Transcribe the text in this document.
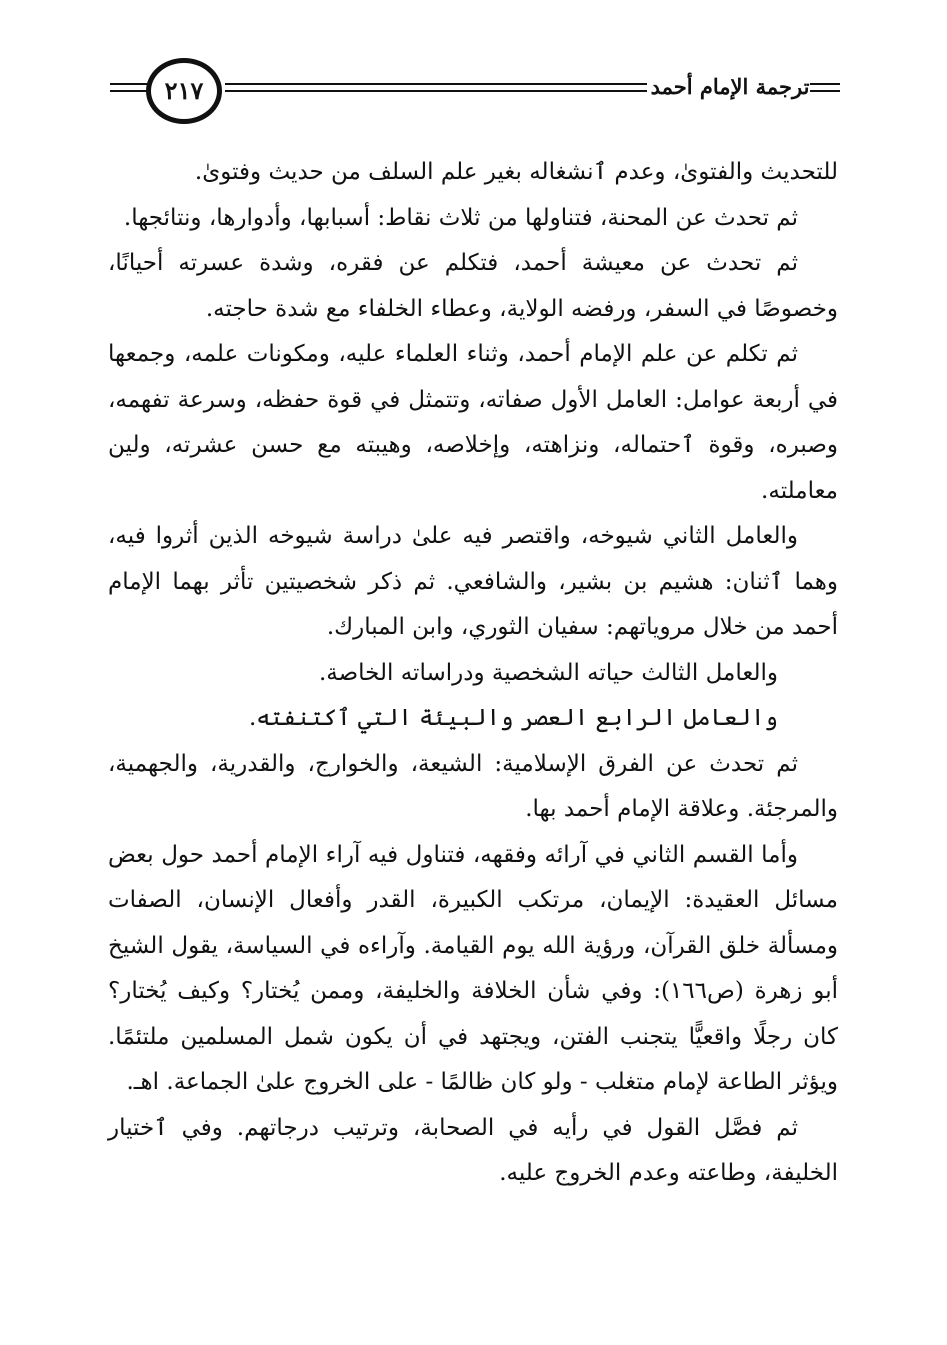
٢١٧	ترجمة الإمام أحمد

للتحديث والفتوىٰ، وعدم ٱنشغاله بغير علم السلف من حديث وفتوىٰ.

ثم تحدث عن المحنة، فتناولها من ثلاث نقاط: أسبابها، وأدوارها، ونتائجها.

ثم تحدث عن معيشة أحمد، فتكلم عن فقره، وشدة عسرته أحيانًا، وخصوصًا في السفر، ورفضه الولاية، وعطاء الخلفاء مع شدة حاجته.

ثم تكلم عن علم الإمام أحمد، وثناء العلماء عليه، ومكونات علمه، وجمعها في أربعة عوامل: العامل الأول صفاته، وتتمثل في قوة حفظه، وسرعة تفهمه، وصبره، وقوة ٱحتماله، ونزاهته، وإخلاصه، وهيبته مع حسن عشرته، ولين معاملته.

والعامل الثاني شيوخه، واقتصر فيه علىٰ دراسة شيوخه الذين أثروا فيه، وهما ٱثنان: هشيم بن بشير، والشافعي. ثم ذكر شخصيتين تأثر بهما الإمام أحمد من خلال مروياتهم: سفيان الثوري، وابن المبارك.

والعامل الثالث حياته الشخصية ودراساته الخاصة.

والعامل الرابع العصر والبيئة التي ٱكتنفته.

ثم تحدث عن الفرق الإسلامية: الشيعة، والخوارج، والقدرية، والجهمية، والمرجئة. وعلاقة الإمام أحمد بها.

وأما القسم الثاني في آرائه وفقهه، فتناول فيه آراء الإمام أحمد حول بعض مسائل العقيدة: الإيمان، مرتكب الكبيرة، القدر وأفعال الإنسان، الصفات ومسألة خلق القرآن، ورؤية الله يوم القيامة. وآراءه في السياسة، يقول الشيخ أبو زهرة (ص١٦٦): وفي شأن الخلافة والخليفة، وممن يُختار؟ وكيف يُختار؟ كان رجلًا واقعيًّا يتجنب الفتن، ويجتهد في أن يكون شمل المسلمين ملتئمًا. ويؤثر الطاعة لإمام متغلب - ولو كان ظالمًا - على الخروج علىٰ الجماعة. اهـ.

ثم فصَّل القول في رأيه في الصحابة، وترتيب درجاتهم. وفي ٱختيار الخليفة، وطاعته وعدم الخروج عليه.
